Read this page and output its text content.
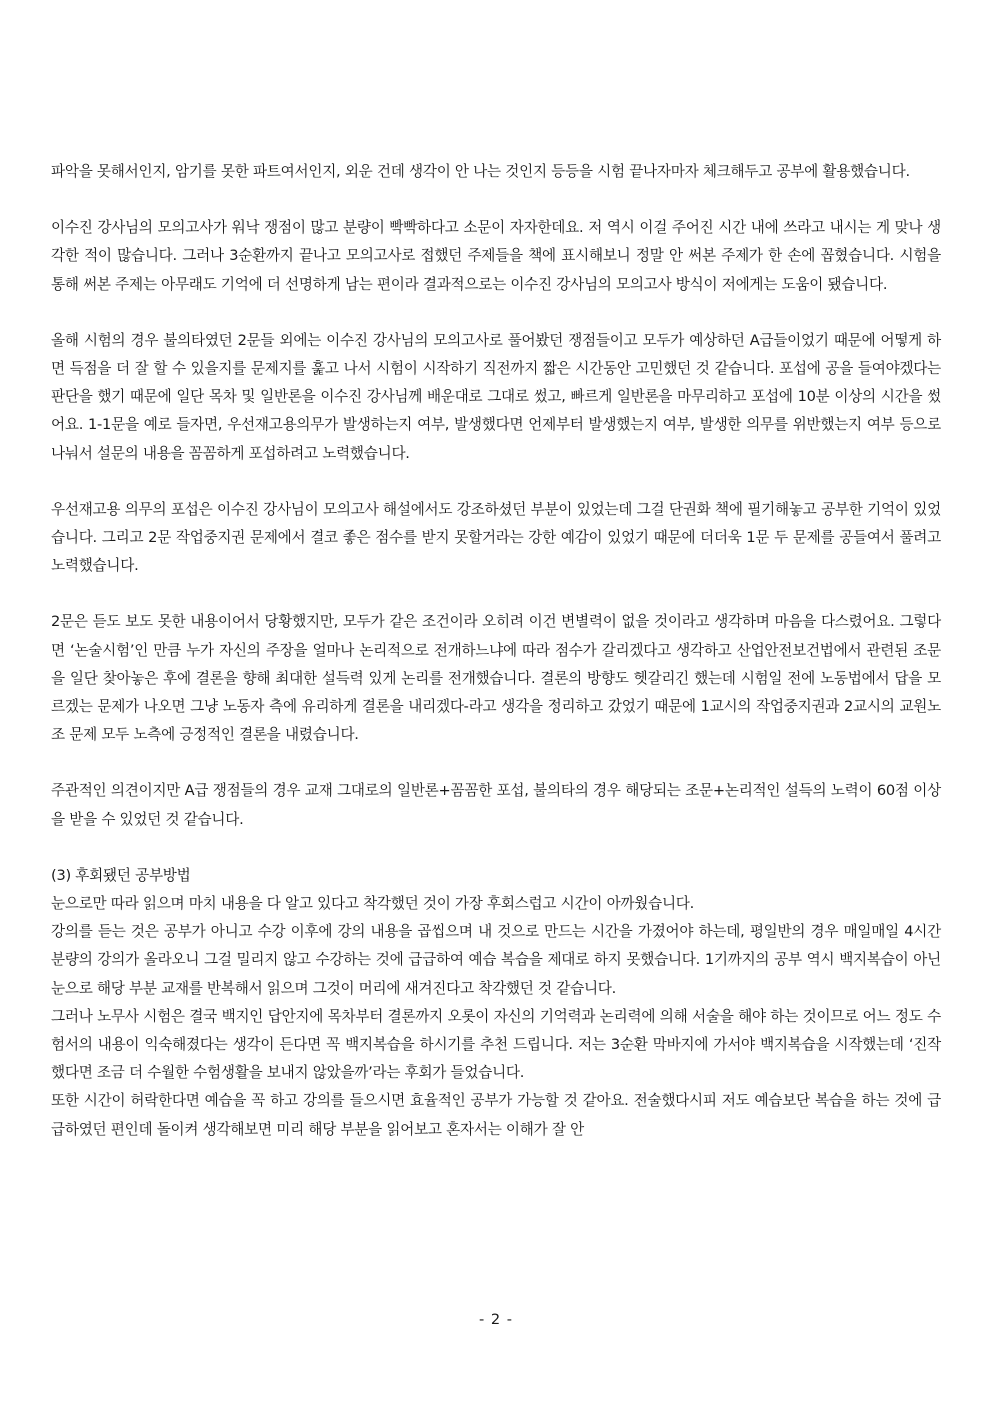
파악을 못해서인지, 암기를 못한 파트여서인지, 외운 건데 생각이 안 나는 것인지 등등을 시험 끝나자마자 체크해두고 공부에 활용했습니다.

이수진 강사님의 모의고사가 워낙 쟁점이 많고 분량이 빡빡하다고 소문이 자자한데요. 저 역시 이걸 주어진 시간 내에 쓰라고 내시는 게 맞나 생각한 적이 많습니다. 그러나 3순환까지 끝나고 모의고사로 접했던 주제들을 책에 표시해보니 정말 안 써본 주제가 한 손에 꼽혔습니다. 시험을 통해 써본 주제는 아무래도 기억에 더 선명하게 남는 편이라 결과적으로는 이수진 강사님의 모의고사 방식이 저에게는 도움이 됐습니다.

올해 시험의 경우 불의타였던 2문들 외에는 이수진 강사님의 모의고사로 풀어봤던 쟁점들이고 모두가 예상하던 A급들이었기 때문에 어떻게 하면 득점을 더 잘 할 수 있을지를 문제지를 훑고 나서 시험이 시작하기 직전까지 짧은 시간동안 고민했던 것 같습니다. 포섭에 공을 들여야겠다는 판단을 했기 때문에 일단 목차 및 일반론을 이수진 강사님께 배운대로 그대로 썼고, 빠르게 일반론을 마무리하고 포섭에 10분 이상의 시간을 썼어요. 1-1문을 예로 들자면, 우선재고용의무가 발생하는지 여부, 발생했다면 언제부터 발생했는지 여부, 발생한 의무를 위반했는지 여부 등으로 나눠서 설문의 내용을 꼼꼼하게 포섭하려고 노력했습니다.

우선재고용 의무의 포섭은 이수진 강사님이 모의고사 해설에서도 강조하셨던 부분이 있었는데 그걸 단권화 책에 필기해놓고 공부한 기억이 있었습니다. 그리고 2문 작업중지권 문제에서 결코 좋은 점수를 받지 못할거라는 강한 예감이 있었기 때문에 더더욱 1문 두 문제를 공들여서 풀려고 노력했습니다.

2문은 듣도 보도 못한 내용이어서 당황했지만, 모두가 같은 조건이라 오히려 이건 변별력이 없을 것이라고 생각하며 마음을 다스렸어요. 그렇다면 ‘논술시험’인 만큼 누가 자신의 주장을 얼마나 논리적으로 전개하느냐에 따라 점수가 갈리겠다고 생각하고 산업안전보건법에서 관련된 조문을 일단 찾아놓은 후에 결론을 향해 최대한 설득력 있게 논리를 전개했습니다. 결론의 방향도 헷갈리긴 했는데 시험일 전에 노동법에서 답을 모르겠는 문제가 나오면 그냥 노동자 측에 유리하게 결론을 내리겠다-라고 생각을 정리하고 갔었기 때문에 1교시의 작업중지권과 2교시의 교원노조 문제 모두 노측에 긍정적인 결론을 내렸습니다.

주관적인 의견이지만 A급 쟁점들의 경우 교재 그대로의 일반론+꼼꼼한 포섭, 불의타의 경우 해당되는 조문+논리적인 설득의 노력이 60점 이상을 받을 수 있었던 것 같습니다.

(3) 후회됐던 공부방법

눈으로만 따라 읽으며 마치 내용을 다 알고 있다고 착각했던 것이 가장 후회스럽고 시간이 아까웠습니다.

강의를 듣는 것은 공부가 아니고 수강 이후에 강의 내용을 곱씹으며 내 것으로 만드는 시간을 가졌어야 하는데, 평일반의 경우 매일매일 4시간 분량의 강의가 올라오니 그걸 밀리지 않고 수강하는 것에 급급하여 예습 복습을 제대로 하지 못했습니다. 1기까지의 공부 역시 백지복습이 아닌 눈으로 해당 부분 교재를 반복해서 읽으며 그것이 머리에 새겨진다고 착각했던 것 같습니다.

그러나 노무사 시험은 결국 백지인 답안지에 목차부터 결론까지 오롯이 자신의 기억력과 논리력에 의해 서술을 해야 하는 것이므로 어느 정도 수험서의 내용이 익숙해졌다는 생각이 든다면 꼭 백지복습을 하시기를 추천 드립니다. 저는 3순환 막바지에 가서야 백지복습을 시작했는데 ‘진작했다면 조금 더 수월한 수험생활을 보내지 않았을까’라는 후회가 들었습니다.

또한 시간이 허락한다면 예습을 꼭 하고 강의를 들으시면 효율적인 공부가 가능할 것 같아요. 전술했다시피 저도 예습보단 복습을 하는 것에 급급하였던 편인데 돌이켜 생각해보면 미리 해당 부분을 읽어보고 혼자서는 이해가 잘 안

- 2 -
